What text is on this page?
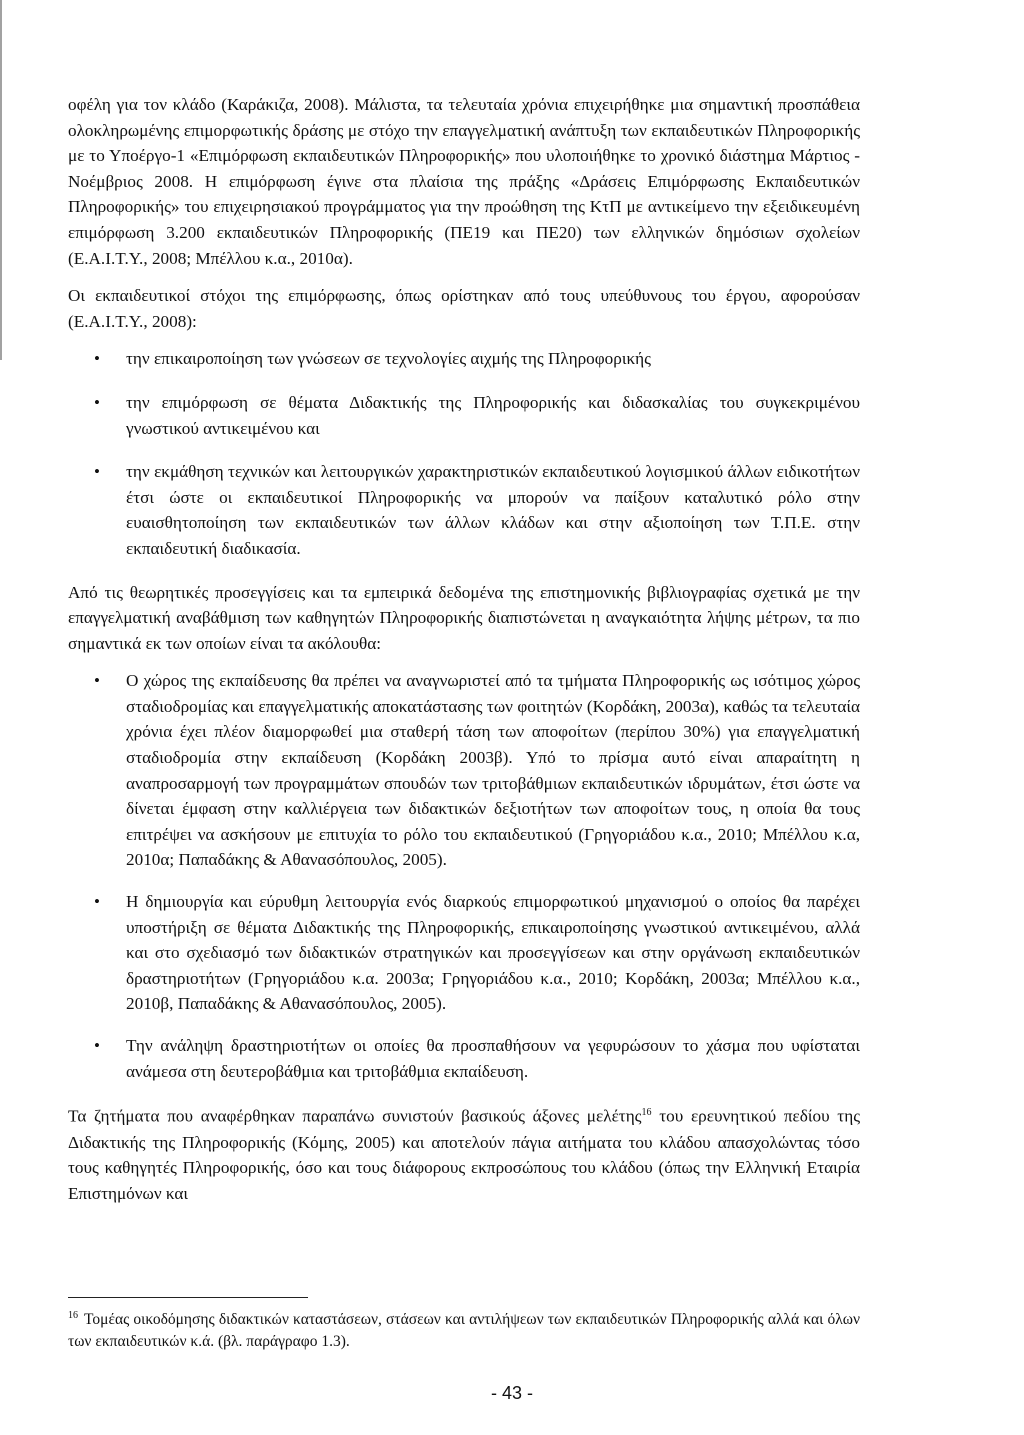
οφέλη για τον κλάδο (Καράκιζα, 2008). Μάλιστα, τα τελευταία χρόνια επιχειρήθηκε μια σημαντική προσπάθεια ολοκληρωμένης επιμορφωτικής δράσης με στόχο την επαγγελματική ανάπτυξη των εκπαιδευτικών Πληροφορικής με το Υποέργο-1 «Επιμόρφωση εκπαιδευτικών Πληροφορικής» που υλοποιήθηκε το χρονικό διάστημα Μάρτιος - Νοέμβριος 2008. Η επιμόρφωση έγινε στα πλαίσια της πράξης «Δράσεις Επιμόρφωσης Εκπαιδευτικών Πληροφορικής» του επιχειρησιακού προγράμματος για την προώθηση της ΚτΠ με αντικείμενο την εξειδικευμένη επιμόρφωση 3.200 εκπαιδευτικών Πληροφορικής (ΠΕ19 και ΠΕ20) των ελληνικών δημόσιων σχολείων (Ε.Α.Ι.Τ.Υ., 2008; Μπέλλου κ.α., 2010α).

Οι εκπαιδευτικοί στόχοι της επιμόρφωσης, όπως ορίστηκαν από τους υπεύθυνους του έργου, αφορούσαν (Ε.Α.Ι.Τ.Υ., 2008):

• την επικαιροποίηση των γνώσεων σε τεχνολογίες αιχμής της Πληροφορικής
• την επιμόρφωση σε θέματα Διδακτικής της Πληροφορικής και διδασκαλίας του συγκεκριμένου γνωστικού αντικειμένου και
• την εκμάθηση τεχνικών και λειτουργικών χαρακτηριστικών εκπαιδευτικού λογισμικού άλλων ειδικοτήτων έτσι ώστε οι εκπαιδευτικοί Πληροφορικής να μπορούν να παίξουν καταλυτικό ρόλο στην ευαισθητοποίηση των εκπαιδευτικών των άλλων κλάδων και στην αξιοποίηση των Τ.Π.Ε. στην εκπαιδευτική διαδικασία.

Από τις θεωρητικές προσεγγίσεις και τα εμπειρικά δεδομένα της επιστημονικής βιβλιογραφίας σχετικά με την επαγγελματική αναβάθμιση των καθηγητών Πληροφορικής διαπιστώνεται η αναγκαιότητα λήψης μέτρων, τα πιο σημαντικά εκ των οποίων είναι τα ακόλουθα:

• Ο χώρος της εκπαίδευσης θα πρέπει να αναγνωριστεί από τα τμήματα Πληροφορικής ως ισότιμος χώρος σταδιοδρομίας και επαγγελματικής αποκατάστασης των φοιτητών (Κορδάκη, 2003α), καθώς τα τελευταία χρόνια έχει πλέον διαμορφωθεί μια σταθερή τάση των αποφοίτων (περίπου 30%) για επαγγελματική σταδιοδρομία στην εκπαίδευση (Κορδάκη 2003β). Υπό το πρίσμα αυτό είναι απαραίτητη η αναπροσαρμογή των προγραμμάτων σπουδών των τριτοβάθμιων εκπαιδευτικών ιδρυμάτων, έτσι ώστε να δίνεται έμφαση στην καλλιέργεια των διδακτικών δεξιοτήτων των αποφοίτων τους, η οποία θα τους επιτρέψει να ασκήσουν με επιτυχία το ρόλο του εκπαιδευτικού (Γρηγοριάδου κ.α., 2010; Μπέλλου κ.α, 2010α; Παπαδάκης & Αθανασόπουλος, 2005).
• Η δημιουργία και εύρυθμη λειτουργία ενός διαρκούς επιμορφωτικού μηχανισμού ο οποίος θα παρέχει υποστήριξη σε θέματα Διδακτικής της Πληροφορικής, επικαιροποίησης γνωστικού αντικειμένου, αλλά και στο σχεδιασμό των διδακτικών στρατηγικών και προσεγγίσεων και στην οργάνωση εκπαιδευτικών δραστηριοτήτων (Γρηγοριάδου κ.α. 2003α; Γρηγοριάδου κ.α., 2010; Κορδάκη, 2003α; Μπέλλου κ.α., 2010β, Παπαδάκης & Αθανασόπουλος, 2005).
• Την ανάληψη δραστηριοτήτων οι οποίες θα προσπαθήσουν να γεφυρώσουν το χάσμα που υφίσταται ανάμεσα στη δευτεροβάθμια και τριτοβάθμια εκπαίδευση.

Τα ζητήματα που αναφέρθηκαν παραπάνω συνιστούν βασικούς άξονες μελέτης$^{16}$ του ερευνητικού πεδίου της Διδακτικής της Πληροφορικής (Κόμης, 2005) και αποτελούν πάγια αιτήματα του κλάδου απασχολώντας τόσο τους καθηγητές Πληροφορικής, όσο και τους διάφορους εκπροσώπους του κλάδου (όπως την Ελληνική Εταιρία Επιστημόνων και

$^{16}$ Τομέας οικοδόμησης διδακτικών καταστάσεων, στάσεων και αντιλήψεων των εκπαιδευτικών Πληροφορικής αλλά και όλων των εκπαιδευτικών κ.ά. (βλ. παράγραφο 1.3).
- 43 -
